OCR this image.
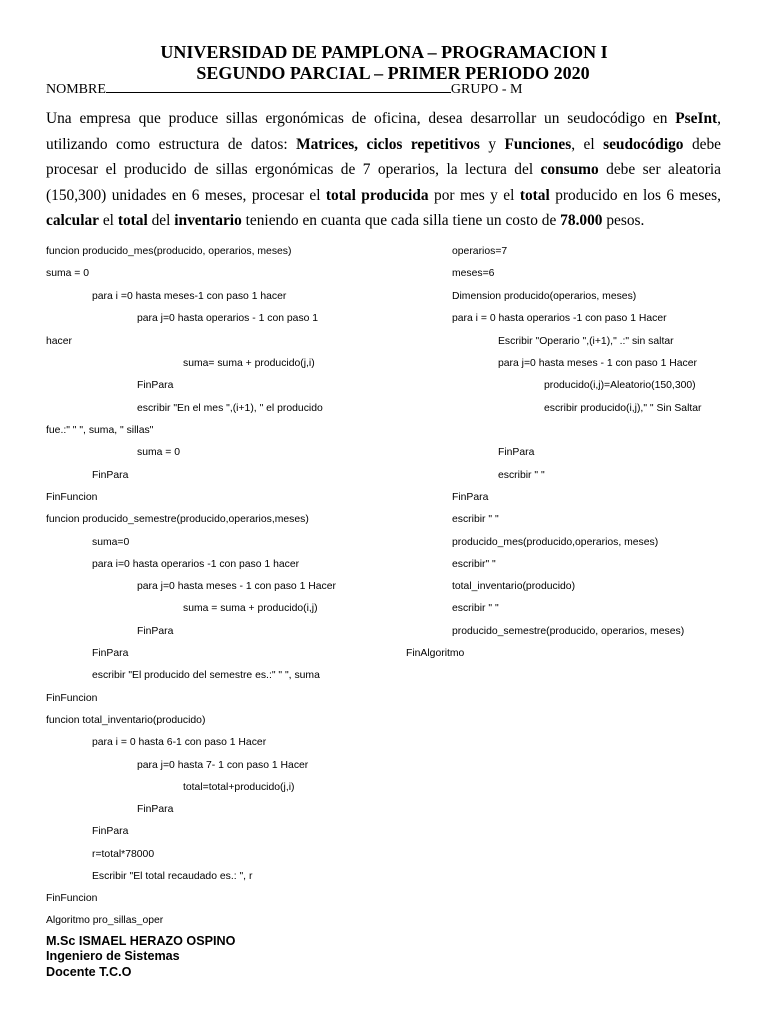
UNIVERSIDAD DE PAMPLONA – PROGRAMACION I
SEGUNDO PARCIAL – PRIMER PERIODO 2020
NOMBRE	GRUPO - M
Una empresa que produce sillas ergonómicas de oficina, desea desarrollar un seudocódigo en PseInt, utilizando como estructura de datos: Matrices, ciclos repetitivos y Funciones, el seudocódigo debe procesar el producido de sillas ergonómicas de 7 operarios, la lectura del consumo debe ser aleatoria (150,300) unidades en 6 meses, procesar el total producida por mes y el total producido en los 6 meses, calcular el total del inventario teniendo en cuanta que cada silla tiene un costo de 78.000 pesos.
funcion producido_mes(producido, operarios, meses)
suma = 0
para i =0 hasta meses-1 con paso 1 hacer
para j=0 hasta operarios - 1 con paso 1
hacer
suma= suma + producido(j,i)
FinPara
escribir "En el mes ",(i+1), " el producido
fue.:" " ", suma, " sillas"
suma = 0
FinPara
FinFuncion
funcion producido_semestre(producido,operarios,meses)
suma=0
para i=0 hasta operarios -1 con paso 1 hacer
para j=0 hasta meses - 1 con paso 1 Hacer
suma = suma + producido(i,j)
FinPara
FinPara
escribir "El producido del semestre es.:" " ", suma
FinFuncion
funcion total_inventario(producido)
para i = 0 hasta 6-1 con paso 1 Hacer
para j=0 hasta 7- 1 con paso 1 Hacer
total=total+producido(j,i)
FinPara
FinPara
r=total*78000
Escribir "El total recaudado es.: ", r
FinFuncion
Algoritmo pro_sillas_oper
operarios=7
meses=6
Dimension producido(operarios, meses)
para i = 0 hasta operarios -1 con paso 1 Hacer
Escribir "Operario ",(i+1)," .:" sin saltar
para j=0 hasta meses - 1 con paso 1 Hacer
producido(i,j)=Aleatorio(150,300)
escribir producido(i,j)," " Sin Saltar
FinPara
escribir " "
FinPara
escribir " "
producido_mes(producido,operarios, meses)
escribir" "
total_inventario(producido)
escribir " "
producido_semestre(producido, operarios, meses)
FinAlgoritmo
M.Sc ISMAEL HERAZO OSPINO
Ingeniero de Sistemas
Docente T.C.O
